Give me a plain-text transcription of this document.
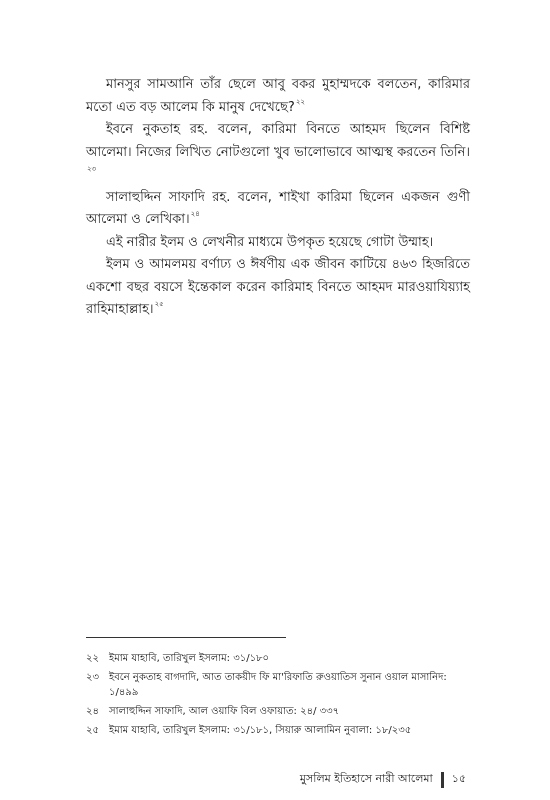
মানসুর সামআনি তাঁর ছেলে আবু বকর মুহাম্মদকে বলতেন, কারিমার মতো এত বড় আলেম কি মানুষ দেখেছে?$^{২২}$

ইবনে নুকতাহ রহ. বলেন, কারিমা বিনতে আহমদ ছিলেন বিশিষ্ট আলেমা। নিজের লিখিত নোটগুলো খুব ভালোভাবে আত্মস্থ করতেন তিনি।$^{২৩}$

সালাহুদ্দিন সাফাদি রহ. বলেন, শাইখা কারিমা ছিলেন একজন গুণী আলেমা ও লেখিকা।$^{২৪}$

এই নারীর ইলম ও লেখনীর মাধ্যমে উপকৃত হয়েছে গোটা উম্মাহ।

ইলম ও আমলময় বর্ণাঢ্য ও ঈর্ষণীয় এক জীবন কাটিয়ে ৪৬৩ হিজরিতে একশো বছর বয়সে ইন্তেকাল করেন কারিমাহ বিনতে আহমদ মারওয়াযিয়্যাহ রাহিমাহাল্লাহ।$^{২৫}$

২২ ইমাম যাহাবি, তারিখুল ইসলাম: ৩১/১৮০
২৩ ইবনে নুকতাহ বাগদাদি, আত তাকয়ীদ ফি মা'রিফাতি রুওয়াতিস সুনান ওয়াল মাসানিদ: ১/৪৯৯
২৪	সালাহুদ্দিন সাফাদি, আল ওয়াফি বিল ওফায়াত: ২৪/ ৩৩৭
২৫	ইমাম যাহাবি, তারিখুল ইসলাম: ৩১/১৮১, সিয়ারু আলামিন নুবালা: ১৮/২৩৫
মুসলিম ইতিহাসে নারী আলেমা ১৫
